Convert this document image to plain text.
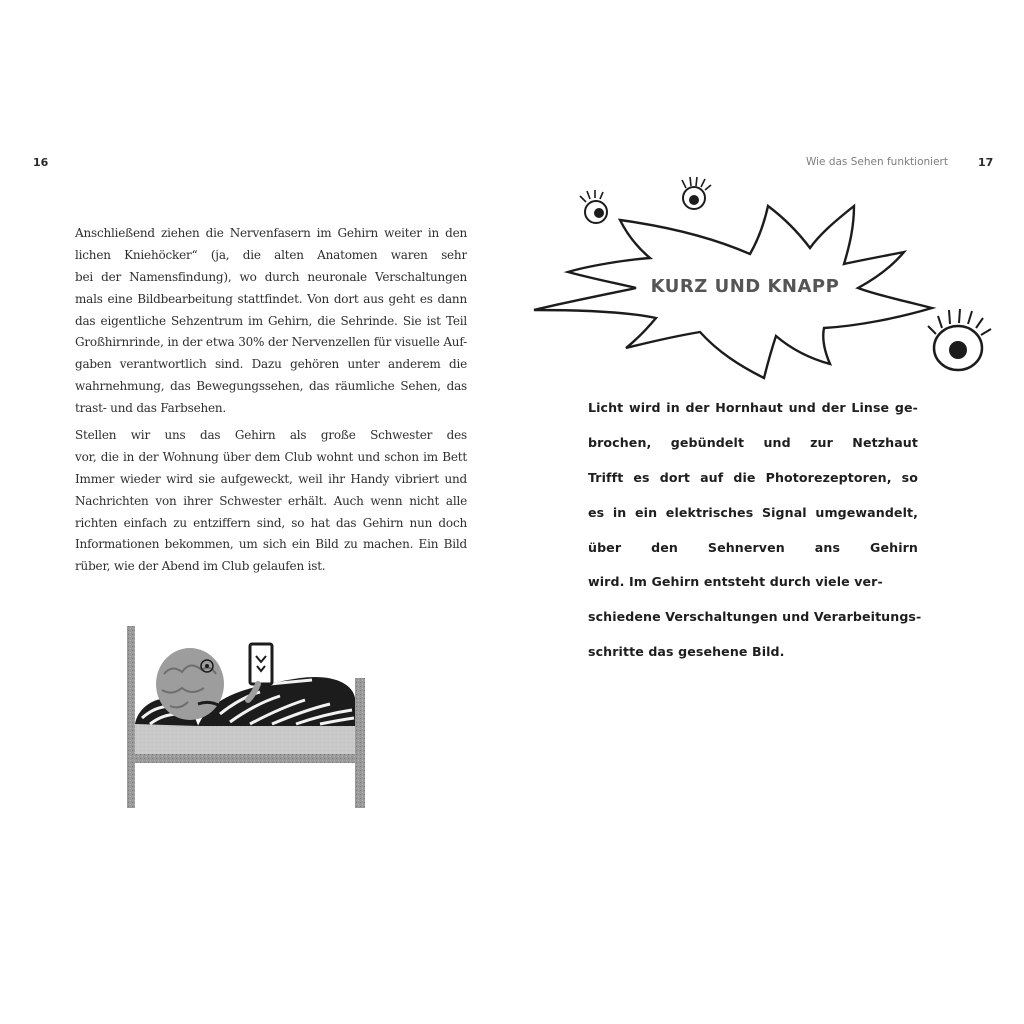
16	Wie das Sehen funktioniert	17
Anschließend ziehen die Nervenfasern im Gehirn weiter in den
lichen Kniehöcker“ (ja, die alten Anatomen waren sehr
bei der Namensfindung), wo durch neuronale Verschaltungen
mals eine Bildbearbeitung stattfindet. Von dort aus geht es dann
das eigentliche Sehzentrum im Gehirn, die Sehrinde. Sie ist Teil
Großhirnrinde, in der etwa 30% der Nervenzellen für visuelle Auf-
gaben verantwortlich sind. Dazu gehören unter anderem die
wahrnehmung, das Bewegungssehen, das räumliche Sehen, das
trast- und das Farbsehen.
Stellen wir uns das Gehirn als große Schwester des
vor, die in der Wohnung über dem Club wohnt und schon im Bett
Immer wieder wird sie aufgeweckt, weil ihr Handy vibriert und
Nachrichten von ihrer Schwester erhält. Auch wenn nicht alle
richten einfach zu entziffern sind, so hat das Gehirn nun doch
Informationen bekommen, um sich ein Bild zu machen. Ein Bild
rüber, wie der Abend im Club gelaufen ist.
KURZ UND KNAPP
Licht wird in der Hornhaut und der Linse ge-
brochen, gebündelt und zur Netzhaut
Trifft es dort auf die Photorezeptoren, so
es in ein elektrisches Signal umgewandelt,
über den Sehnerven ans Gehirn
wird. Im Gehirn entsteht durch viele ver-
schiedene Verschaltungen und Verarbeitungs-
schritte das gesehene Bild.
